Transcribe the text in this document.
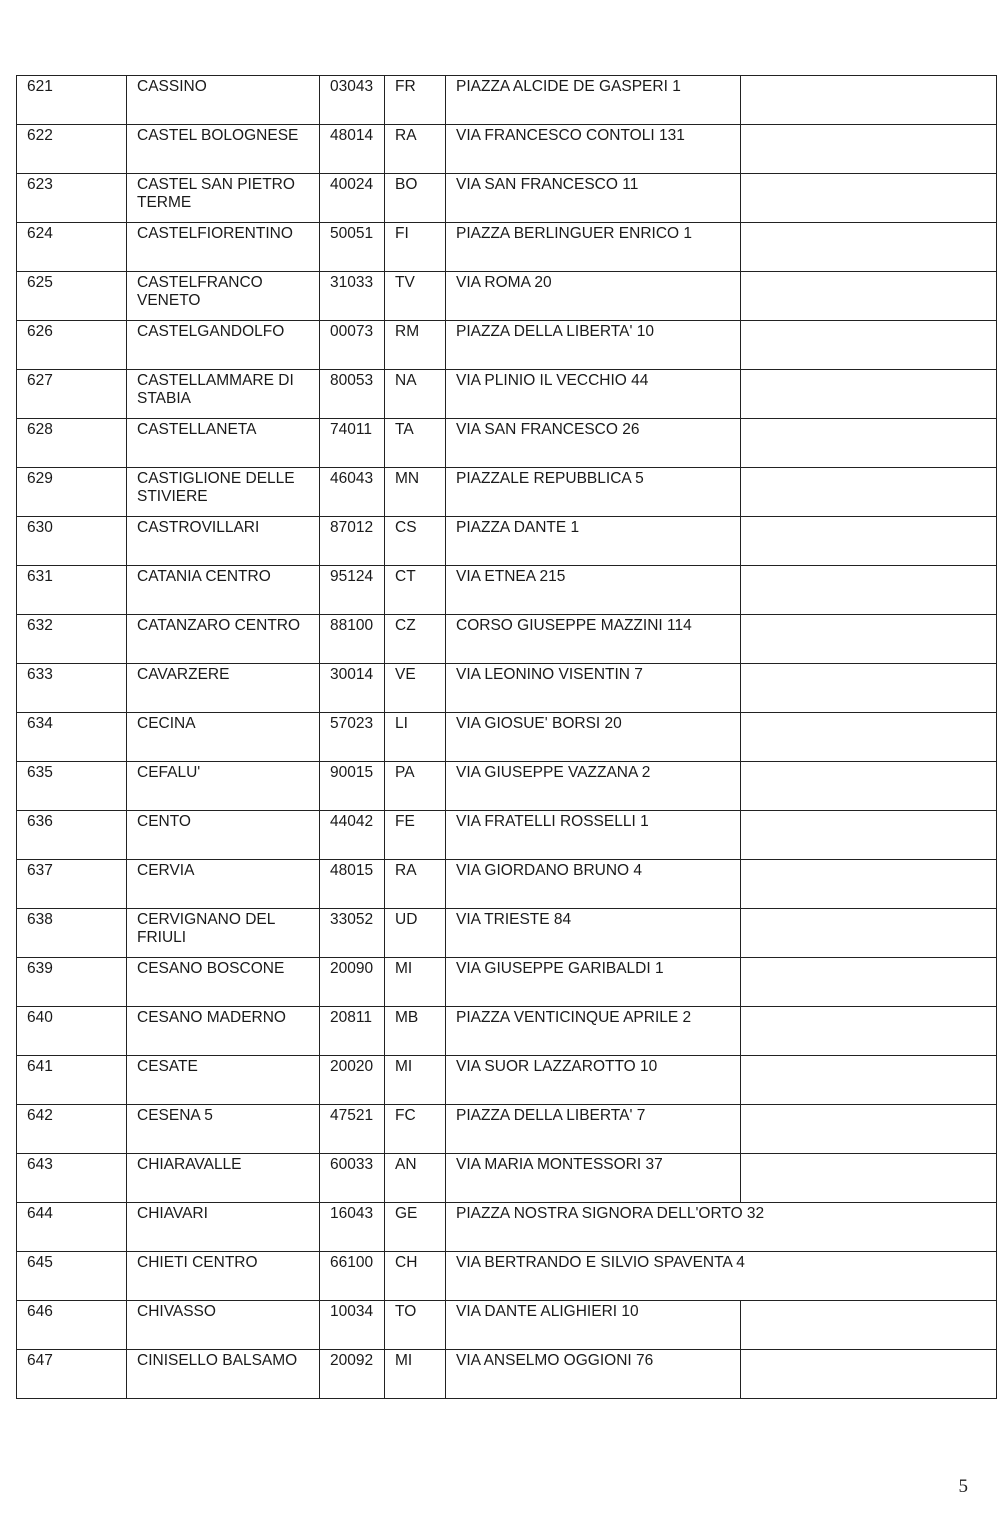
621	CASSINO	03043	FR	PIAZZA ALCIDE DE GASPERI 1	
622	CASTEL BOLOGNESE	48014	RA	VIA FRANCESCO CONTOLI 131	
623	CASTEL SAN PIETRO TERME	40024	BO	VIA SAN FRANCESCO 11	
624	CASTELFIORENTINO	50051	FI	PIAZZA BERLINGUER ENRICO 1	
625	CASTELFRANCO VENETO	31033	TV	VIA ROMA 20	
626	CASTELGANDOLFO	00073	RM	PIAZZA DELLA LIBERTA' 10	
627	CASTELLAMMARE DI STABIA	80053	NA	VIA PLINIO IL VECCHIO 44	
628	CASTELLANETA	74011	TA	VIA SAN FRANCESCO 26	
629	CASTIGLIONE DELLE STIVIERE	46043	MN	PIAZZALE REPUBBLICA 5	
630	CASTROVILLARI	87012	CS	PIAZZA DANTE 1	
631	CATANIA CENTRO	95124	CT	VIA ETNEA 215	
632	CATANZARO CENTRO	88100	CZ	CORSO GIUSEPPE MAZZINI 114	
633	CAVARZERE	30014	VE	VIA LEONINO VISENTIN 7	
634	CECINA	57023	LI	VIA GIOSUE' BORSI 20	
635	CEFALU'	90015	PA	VIA GIUSEPPE VAZZANA 2	
636	CENTO	44042	FE	VIA FRATELLI ROSSELLI 1	
637	CERVIA	48015	RA	VIA GIORDANO BRUNO 4	
638	CERVIGNANO DEL FRIULI	33052	UD	VIA TRIESTE 84	
639	CESANO BOSCONE	20090	MI	VIA GIUSEPPE GARIBALDI 1	
640	CESANO MADERNO	20811	MB	PIAZZA VENTICINQUE APRILE 2	
641	CESATE	20020	MI	VIA SUOR LAZZAROTTO 10	
642	CESENA 5	47521	FC	PIAZZA DELLA LIBERTA' 7	
643	CHIARAVALLE	60033	AN	VIA MARIA MONTESSORI 37	
644	CHIAVARI	16043	GE	PIAZZA NOSTRA SIGNORA DELL'ORTO 32	
645	CHIETI CENTRO	66100	CH	VIA BERTRANDO E SILVIO SPAVENTA 4	
646	CHIVASSO	10034	TO	VIA DANTE ALIGHIERI 10	
647	CINISELLO BALSAMO	20092	MI	VIA ANSELMO OGGIONI 76	
5
